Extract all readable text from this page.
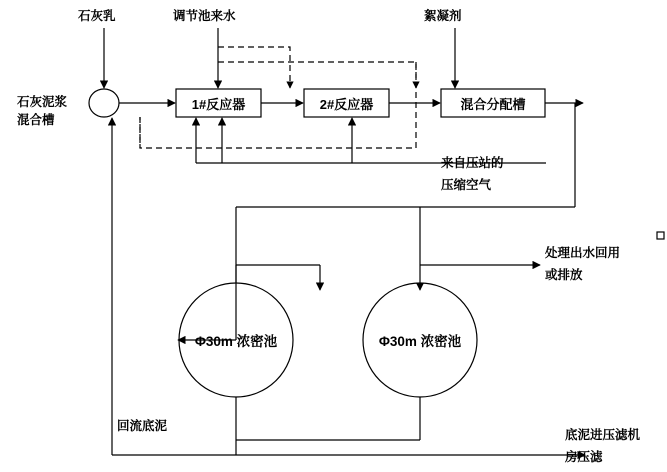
石灰乳	调节池来水	絮凝剂
石灰泥浆
混合槽
1#反应器	2#反应器	混合分配槽
Φ30m 浓密池	Φ30m 浓密池
来自压站的
压缩空气
处理出水回用
或排放
回流底泥
底泥进压滤机
房压滤
